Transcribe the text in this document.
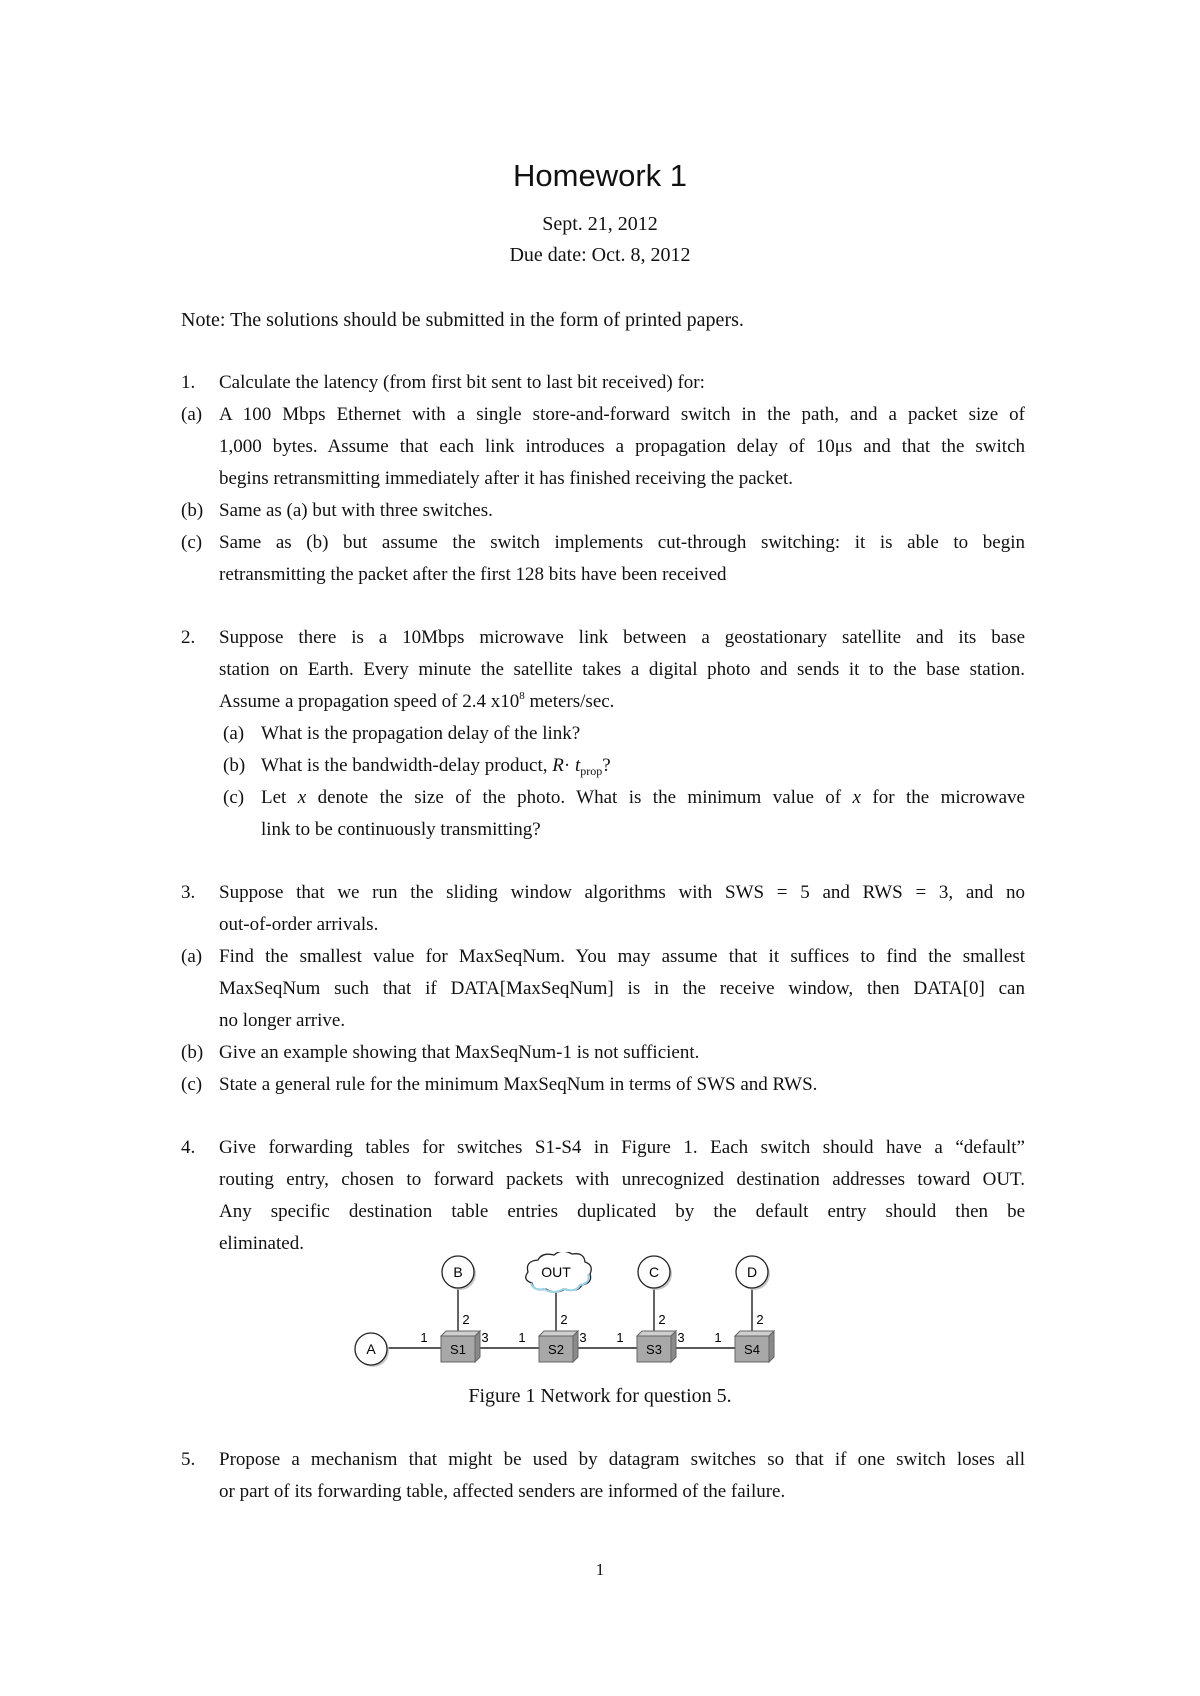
Homework 1
Sept. 21, 2012
Due date: Oct. 8, 2012
Note: The solutions should be submitted in the form of printed papers.
1. Calculate the latency (from first bit sent to last bit received) for:
(a) A 100 Mbps Ethernet with a single store-and-forward switch in the path, and a packet size of
1,000 bytes. Assume that each link introduces a propagation delay of 10μs and that the switch
begins retransmitting immediately after it has finished receiving the packet.
(b) Same as (a) but with three switches.
(c) Same as (b) but assume the switch implements cut-through switching: it is able to begin
retransmitting the packet after the first 128 bits have been received
2. Suppose there is a 10Mbps microwave link between a geostationary satellite and its base
station on Earth. Every minute the satellite takes a digital photo and sends it to the base station.
Assume a propagation speed of 2.4 $x10^8$ meters/sec.
(a) What is the propagation delay of the link?
(b) What is the bandwidth-delay product, $R\cdot t_{prop}$?
(c) Let x denote the size of the photo. What is the minimum value of x for the microwave
link to be continuously transmitting?
3. Suppose that we run the sliding window algorithms with SWS = 5 and RWS = 3, and no
out-of-order arrivals.
(a) Find the smallest value for MaxSeqNum. You may assume that it suffices to find the smallest
MaxSeqNum such that if DATA[MaxSeqNum] is in the receive window, then DATA[0] can
no longer arrive.
(b) Give an example showing that MaxSeqNum-1 is not sufficient.
(c) State a general rule for the minimum MaxSeqNum in terms of SWS and RWS.
4. Give forwarding tables for switches S1-S4 in Figure 1. Each switch should have a “default”
routing entry, chosen to forward packets with unrecognized destination addresses toward OUT.
Any specific destination table entries duplicated by the default entry should then be
eliminated.
A
B	OUT	C	D
S1
1
2
3
S2
1
2
3
S3
1
2
3
S4
1
2
Figure 1 Network for question 5.
5. Propose a mechanism that might be used by datagram switches so that if one switch loses all
or part of its forwarding table, affected senders are informed of the failure.
1
